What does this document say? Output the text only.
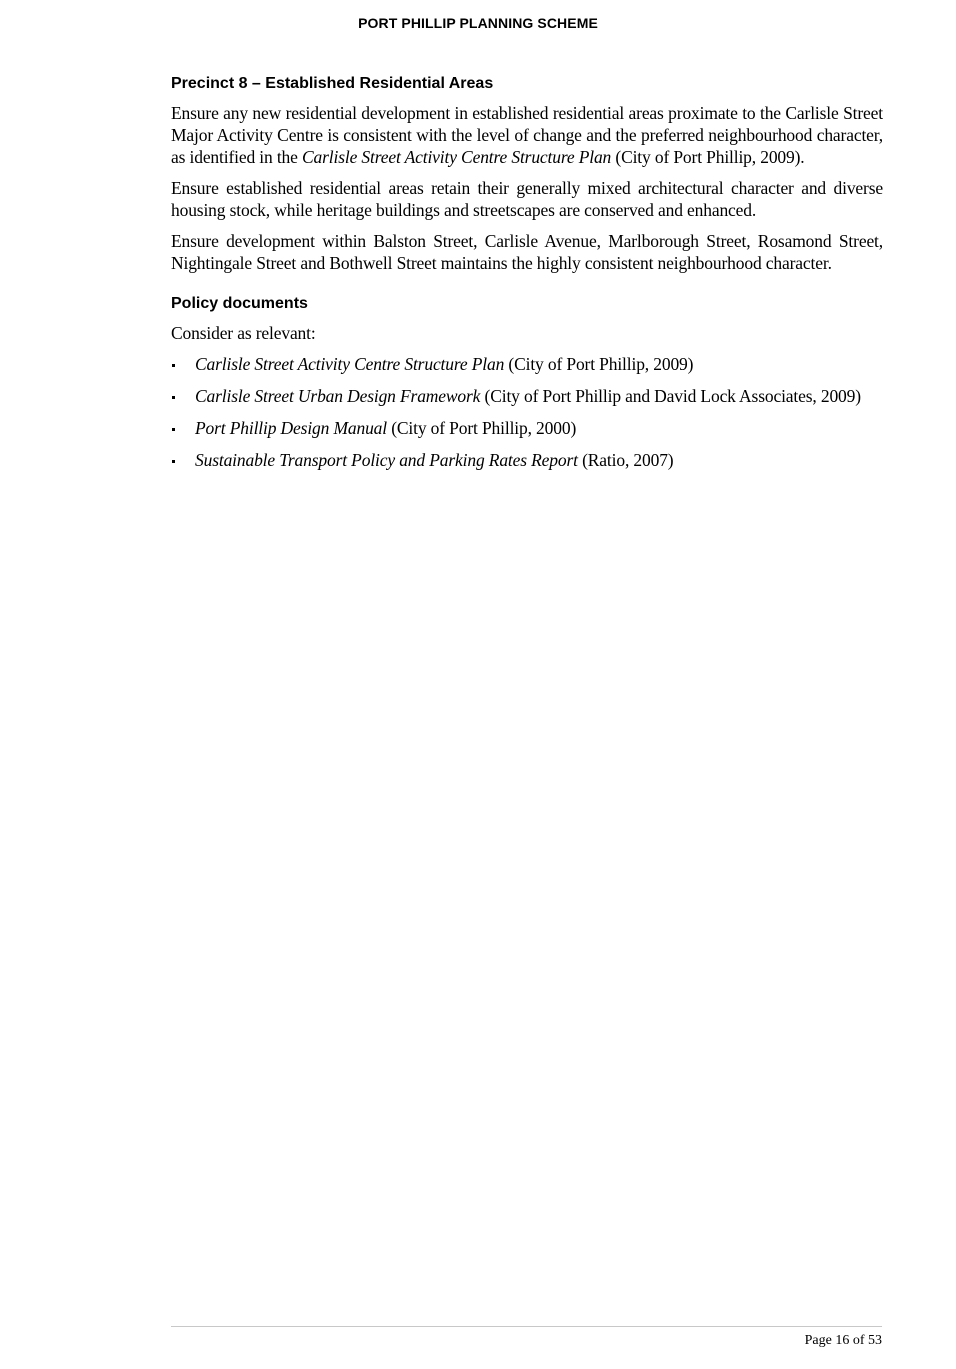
PORT PHILLIP PLANNING SCHEME
Precinct 8 – Established Residential Areas

Ensure any new residential development in established residential areas proximate to the Carlisle Street Major Activity Centre is consistent with the level of change and the preferred neighbourhood character, as identified in the Carlisle Street Activity Centre Structure Plan (City of Port Phillip, 2009).

Ensure established residential areas retain their generally mixed architectural character and diverse housing stock, while heritage buildings and streetscapes are conserved and enhanced.

Ensure development within Balston Street, Carlisle Avenue, Marlborough Street, Rosamond Street, Nightingale Street and Bothwell Street maintains the highly consistent neighbourhood character.

Policy documents

Consider as relevant:

Carlisle Street Activity Centre Structure Plan (City of Port Phillip, 2009)
Carlisle Street Urban Design Framework (City of Port Phillip and David Lock Associates, 2009)
Port Phillip Design Manual (City of Port Phillip, 2000)
Sustainable Transport Policy and Parking Rates Report (Ratio, 2007)
Page 16 of 53
